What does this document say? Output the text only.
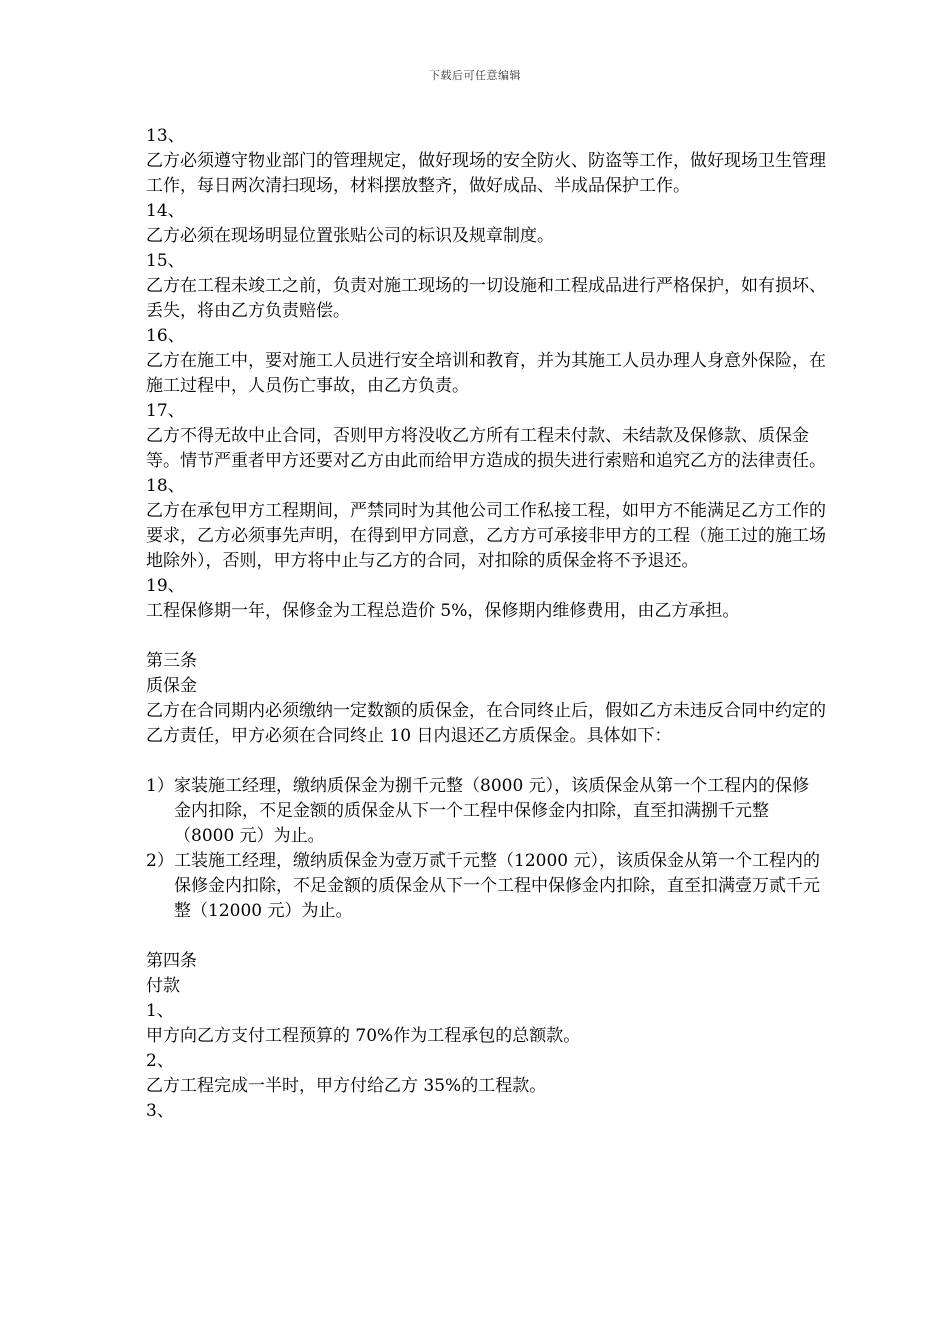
下载后可任意编辑

13、

乙方必须遵守物业部门的管理规定，做好现场的安全防火、防盗等工作，做好现场卫生管理工作，每日两次清扫现场，材料摆放整齐，做好成品、半成品保护工作。

14、

乙方必须在现场明显位置张贴公司的标识及规章制度。

15、

乙方在工程未竣工之前，负责对施工现场的一切设施和工程成品进行严格保护，如有损坏、丢失，将由乙方负责赔偿。

16、

乙方在施工中，要对施工人员进行安全培训和教育，并为其施工人员办理人身意外保险，在施工过程中，人员伤亡事故，由乙方负责。

17、

乙方不得无故中止合同，否则甲方将没收乙方所有工程未付款、未结款及保修款、质保金等。情节严重者甲方还要对乙方由此而给甲方造成的损失进行索赔和追究乙方的法律责任。

18、

乙方在承包甲方工程期间，严禁同时为其他公司工作私接工程，如甲方不能满足乙方工作的要求，乙方必须事先声明，在得到甲方同意，乙方方可承接非甲方的工程（施工过的施工场地除外），否则，甲方将中止与乙方的合同，对扣除的质保金将不予退还。

19、

工程保修期一年，保修金为工程总造价 5%，保修期内维修费用，由乙方承担。

第三条

质保金

乙方在合同期内必须缴纳一定数额的质保金，在合同终止后，假如乙方未违反合同中约定的乙方责任，甲方必须在合同终止 10 日内退还乙方质保金。具体如下：

1） 家装施工经理，缴纳质保金为捌千元整（8000 元），该质保金从第一个工程内的保修金内扣除，不足金额的质保金从下一个工程中保修金内扣除，直至扣满捌千元整（8000 元）为止。
2） 工装施工经理，缴纳质保金为壹万贰千元整（12000 元），该质保金从第一个工程内的保修金内扣除，不足金额的质保金从下一个工程中保修金内扣除，直至扣满壹万贰千元整（12000 元）为止。

第四条

付款

1、

甲方向乙方支付工程预算的 70%作为工程承包的总额款。

2、

乙方工程完成一半时，甲方付给乙方 35%的工程款。

3、
